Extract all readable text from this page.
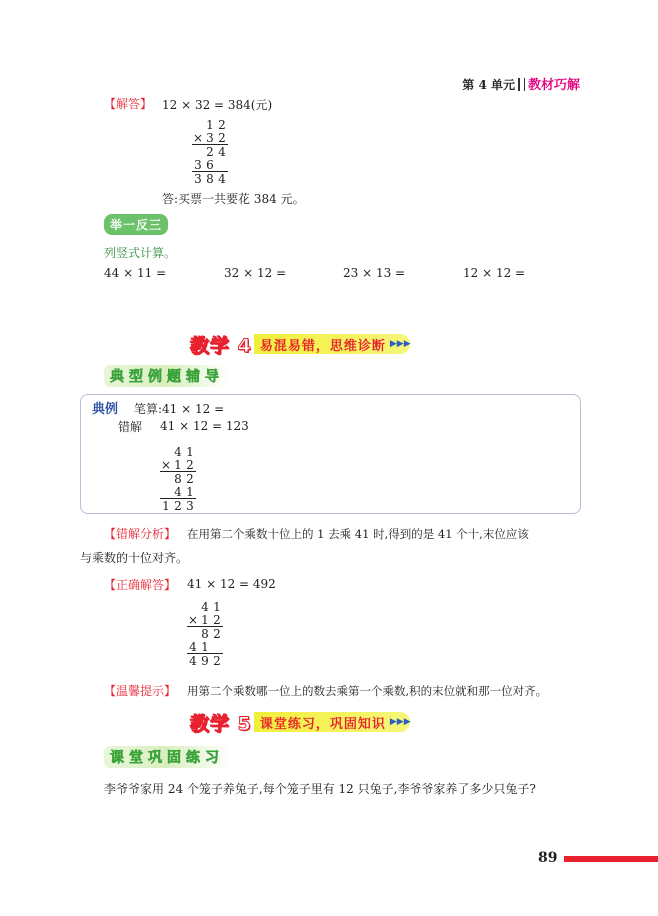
第 4 单元 教材巧解
【解答】 12 × 32 = 384(元)
1 2
× 3 2
2 4
3 6
3 8 4
答:买票一共要花 384 元。
举一反三
列竖式计算。
44 × 11 =	32 × 12 =	23 × 13 =	12 × 12 =
教学 4 易混易错，思维诊断 ▶▶▶
典型例题辅导
典例 笔算:41 × 12 =
错解 41 × 12 = 123
4 1
× 1 2
8 2
4 1
1 2 3
【错解分析】 在用第二个乘数十位上的 1 去乘 41 时,得到的是 41 个十,末位应该
与乘数的十位对齐。
【正确解答】 41 × 12 = 492
4 1
× 1 2
8 2
4 1
4 9 2
【温馨提示】 用第二个乘数哪一位上的数去乘第一个乘数,积的末位就和那一位对齐。
教学 5 课堂练习，巩固知识 ▶▶▶
课堂巩固练习
李爷爷家用 24 个笼子养兔子,每个笼子里有 12 只兔子,李爷爷家养了多少只兔子?
89
